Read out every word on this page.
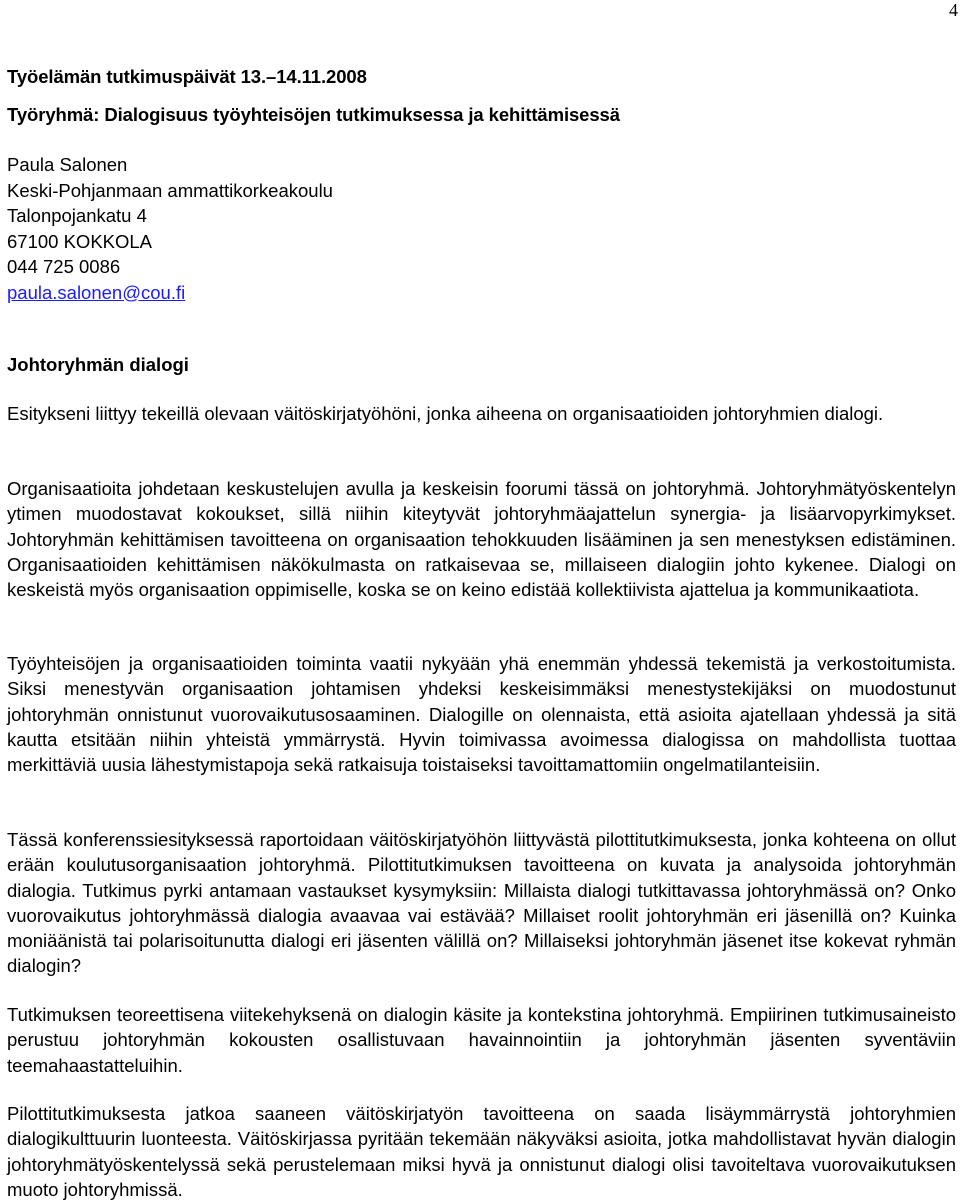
4
Työelämän tutkimuspäivät 13.–14.11.2008
Työryhmä: Dialogisuus työyhteisöjen tutkimuksessa ja kehittämisessä
Paula Salonen
Keski-Pohjanmaan ammattikorkeakoulu
Talonpojankatu 4
67100 KOKKOLA
044 725 0086
paula.salonen@cou.fi
Johtoryhmän dialogi

Esitykseni liittyy tekeillä olevaan väitöskirjatyöhöni, jonka aiheena on organisaatioiden johtoryhmien dialogi.

Organisaatioita johdetaan keskustelujen avulla ja keskeisin foorumi tässä on johtoryhmä. Johtoryhmätyöskentelyn ytimen muodostavat kokoukset, sillä niihin kiteytyvät johtoryhmäajattelun synergia- ja lisäarvopyrkimykset. Johtoryhmän kehittämisen tavoitteena on organisaation tehokkuuden lisääminen ja sen menestyksen edistäminen. Organisaatioiden kehittämisen näkökulmasta on ratkaisevaa se, millaiseen dialogiin johto kykenee. Dialogi on keskeistä myös organisaation oppimiselle, koska se on keino edistää kollektiivista ajattelua ja kommunikaatiota.

Työyhteisöjen ja organisaatioiden toiminta vaatii nykyään yhä enemmän yhdessä tekemistä ja verkostoitumista. Siksi menestyvän organisaation johtamisen yhdeksi keskeisimmäksi menestystekijäksi on muodostunut johtoryhmän onnistunut vuorovaikutusosaaminen. Dialogille on olennaista, että asioita ajatellaan yhdessä ja sitä kautta etsitään niihin yhteistä ymmärrystä. Hyvin toimivassa avoimessa dialogissa on mahdollista tuottaa merkittäviä uusia lähestymistapoja sekä ratkaisuja toistaiseksi tavoittamattomiin ongelmatilanteisiin.

Tässä konferenssiesityksessä raportoidaan väitöskirjatyöhön liittyvästä pilottitutkimuksesta, jonka kohteena on ollut erään koulutusorganisaation johtoryhmä. Pilottitutkimuksen tavoitteena on kuvata ja analysoida johtoryhmän dialogia. Tutkimus pyrki antamaan vastaukset kysymyksiin: Millaista dialogi tutkittavassa johtoryhmässä on? Onko vuorovaikutus johtoryhmässä dialogia avaavaa vai estävää? Millaiset roolit johtoryhmän eri jäsenillä on? Kuinka moniäänistä tai polarisoitunutta dialogi eri jäsenten välillä on? Millaiseksi johtoryhmän jäsenet itse kokevat ryhmän dialogin?

Tutkimuksen teoreettisena viitekehyksenä on dialogin käsite ja kontekstina johtoryhmä. Empiirinen tutkimusaineisto perustuu johtoryhmän kokousten osallistuvaan havainnointiin ja johtoryhmän jäsenten syventäviin teemahaastatteluihin.

Pilottitutkimuksesta jatkoa saaneen väitöskirjatyön tavoitteena on saada lisäymmärrystä johtoryhmien dialogikulttuurin luonteesta. Väitöskirjassa pyritään tekemään näkyväksi asioita, jotka mahdollistavat hyvän dialogin johtoryhmätyöskentelyssä sekä perustelemaan miksi hyvä ja onnistunut dialogi olisi tavoiteltava vuorovaikutuksen muoto johtoryhmissä.
